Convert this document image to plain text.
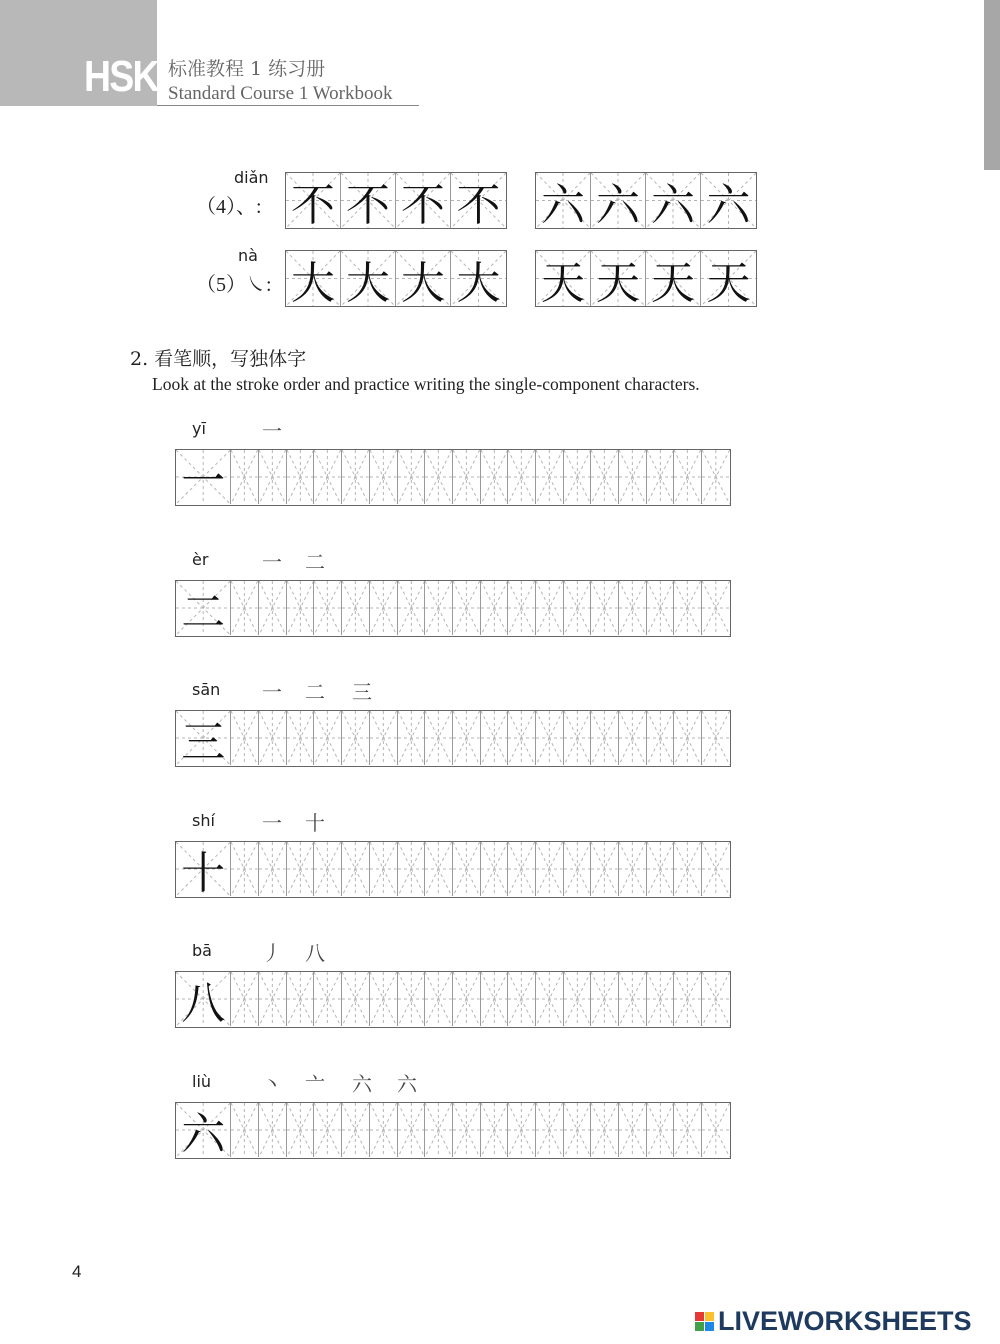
HSK 标准教程 1 练习册
Standard Course 1 Workbook
diǎn
（4）、: 不 不 不 不 六 六 六 六
nà
（5）㇏: 大 大 大 大 天 天 天 天
2. 看笔顺，写独体字
Look at the stroke order and practice writing the single-component characters.
yī	一
一
èr	一 二
二
sān 一 二 三
三
shí 一 十
十
bā	丿 八
八
liù	丶 亠 六 六
六
4
LIVEWORKSHEETS
